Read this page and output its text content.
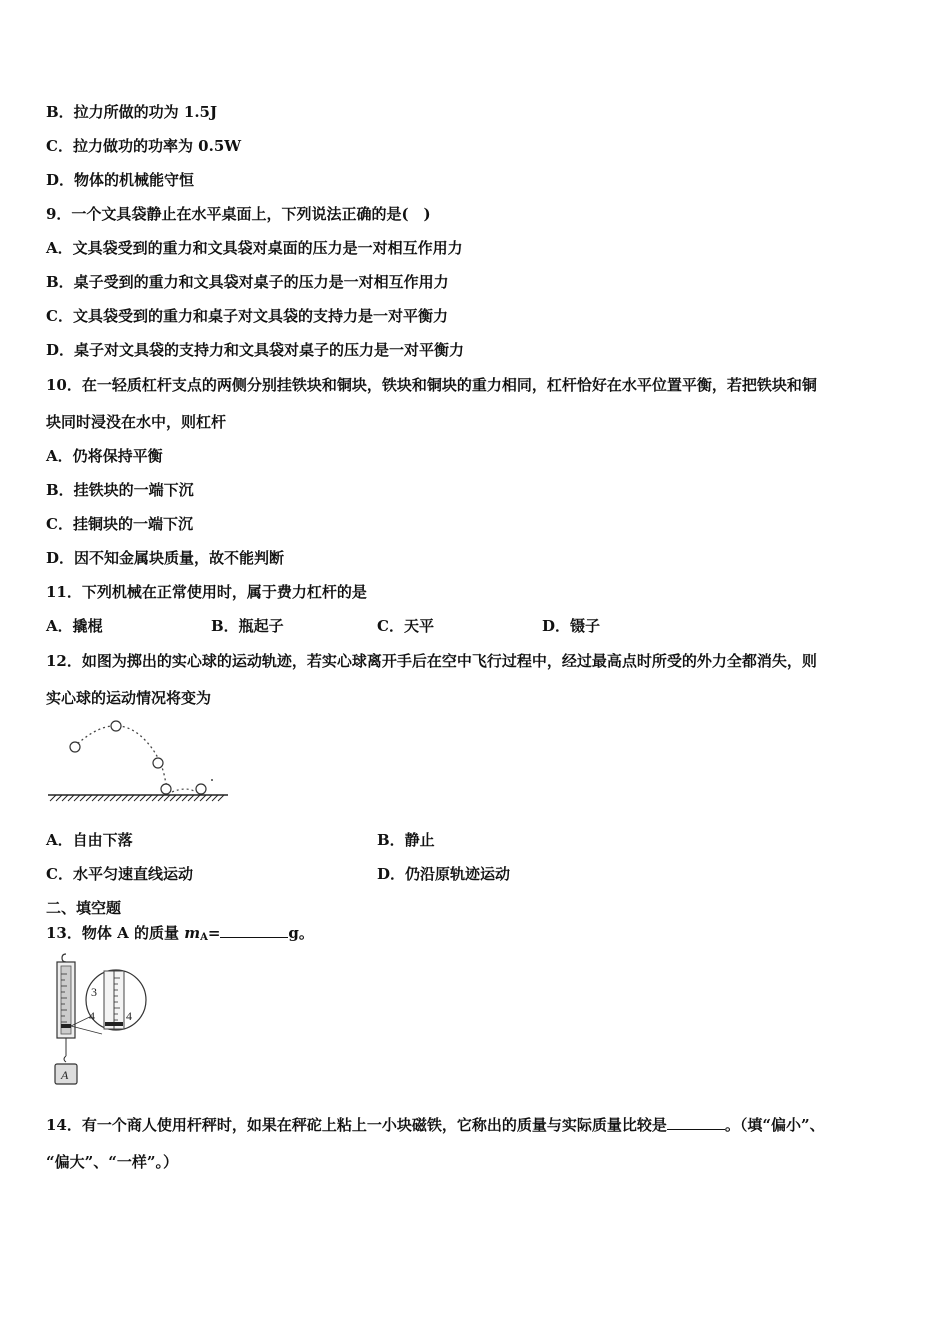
B．拉力所做的功为 1.5J
C．拉力做功的功率为 0.5W
D．物体的机械能守恒
9．一个文具袋静止在水平桌面上，下列说法正确的是(　)
A．文具袋受到的重力和文具袋对桌面的压力是一对相互作用力
B．桌子受到的重力和文具袋对桌子的压力是一对相互作用力
C．文具袋受到的重力和桌子对文具袋的支持力是一对平衡力
D．桌子对文具袋的支持力和文具袋对桌子的压力是一对平衡力
10．在一轻质杠杆支点的两侧分别挂铁块和铜块，铁块和铜块的重力相同，杠杆恰好在水平位置平衡，若把铁块和铜
块同时浸没在水中，则杠杆
A．仍将保持平衡
B．挂铁块的一端下沉
C．挂铜块的一端下沉
D．因不知金属块质量，故不能判断
11．下列机械在正常使用时，属于费力杠杆的是
A．撬棍	B．瓶起子	C．天平	D．镊子
12．如图为掷出的实心球的运动轨迹，若实心球离开手后在空中飞行过程中，经过最高点时所受的外力全都消失，则
实心球的运动情况将变为
A．自由下落	B．静止
C．水平匀速直线运动	D．仍沿原轨迹运动
二、填空题
13．物体 A 的质量 $m_A=$	g。
3
4	4
A
14．有一个商人使用杆秤时，如果在秤砣上粘上一小块磁铁，它称出的质量与实际质量比较是	。（填“偏小”、
“偏大”、“一样”。）
